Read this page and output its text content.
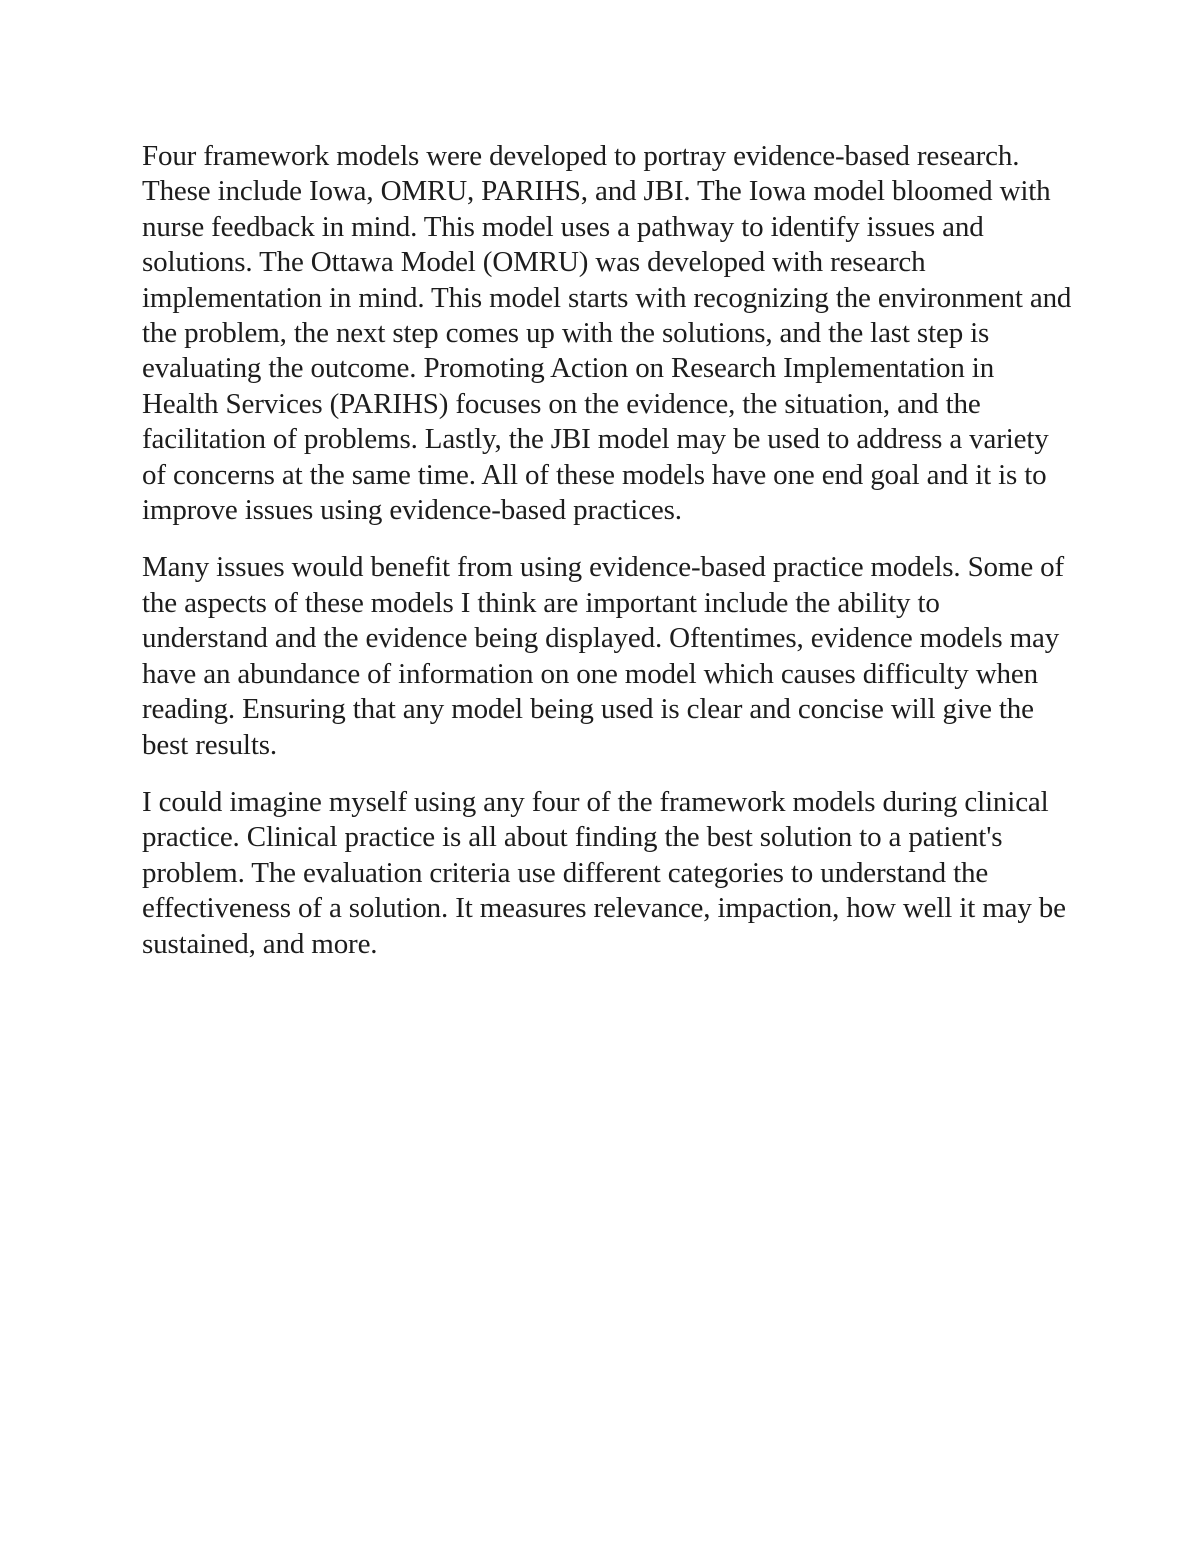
Four framework models were developed to portray evidence-based research. These include Iowa, OMRU, PARIHS, and JBI. The Iowa model bloomed with nurse feedback in mind. This model uses a pathway to identify issues and solutions. The Ottawa Model (OMRU) was developed with research implementation in mind. This model starts with recognizing the environment and the problem, the next step comes up with the solutions, and the last step is evaluating the outcome. Promoting Action on Research Implementation in Health Services (PARIHS) focuses on the evidence, the situation, and the facilitation of problems. Lastly, the JBI model may be used to address a variety of concerns at the same time. All of these models have one end goal and it is to improve issues using evidence-based practices.

Many issues would benefit from using evidence-based practice models. Some of the aspects of these models I think are important include the ability to understand and the evidence being displayed. Oftentimes, evidence models may have an abundance of information on one model which causes difficulty when reading. Ensuring that any model being used is clear and concise will give the best results.

I could imagine myself using any four of the framework models during clinical practice. Clinical practice is all about finding the best solution to a patient's problem. The evaluation criteria use different categories to understand the effectiveness of a solution. It measures relevance, impaction, how well it may be sustained, and more.
